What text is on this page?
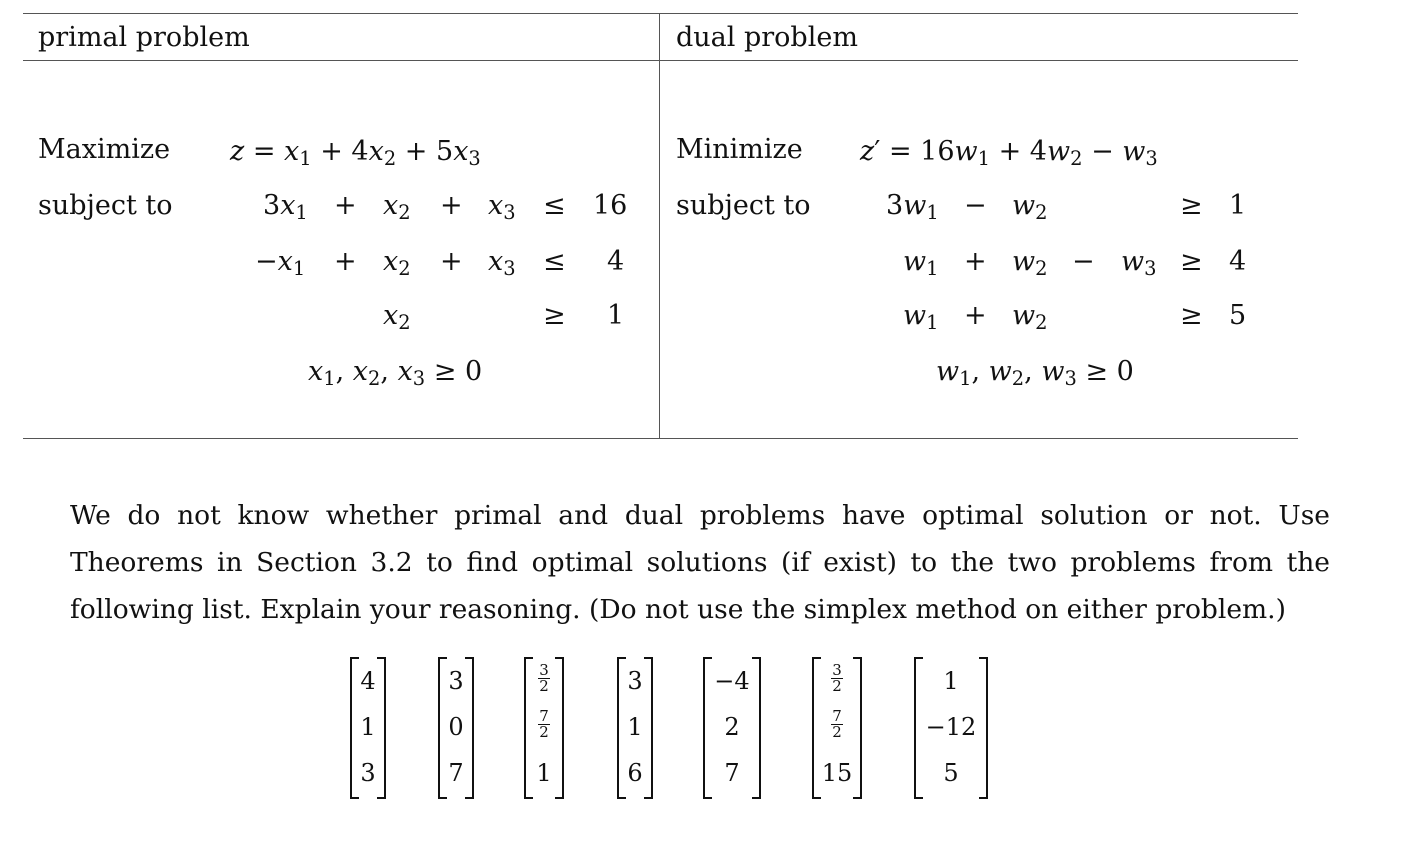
primal problem	dual problem
Maximize
subject to
$z = x_1 + 4x_2 + 5x_3$
$3x_1 + x_2 + x_3 \le 16$
$-x_1 + x_2 + x_3 \le 4$
$x_2$	≥ 1
$x_1$, $x_2$, $x_3 \ge 0$
Minimize
subject to
$z' = 16w_1 + 4w_2 - w_3$
$3w_1 - w_2$	≥ 1
$w_1 + w_2 - w_3 \ge 4$
$w_1 + w_2$	≥ 5
$w_1$, $w_2$, $w_3 \ge 0$
We do not know whether primal and dual problems have optimal solution or not. Use Theorems in Section 3.2 to find optimal solutions (if exist) to the two problems from the following list. Explain your reasoning. (Do not use the simplex method on either problem.)
4
1
3
3
0
7
$\frac{3}{2}$
$\frac{7}{2}$
1
3
1
6
−4
2
7
$\frac{3}{2}$
$\frac{7}{2}$
15
1
−12
5
